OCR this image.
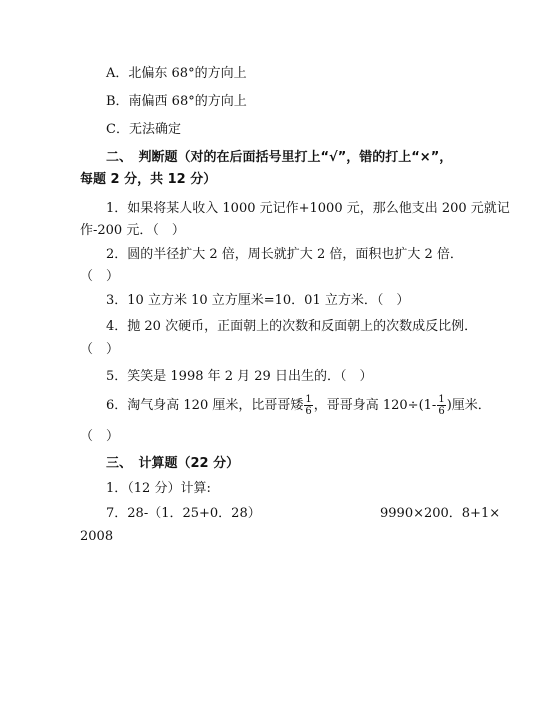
A．北偏东 68°的方向上
B．南偏西 68°的方向上
C．无法确定
二、　判断题（对的在后面括号里打上“√”，错的打上“×”，
每题 2 分，共 12 分）
1．如果将某人收入 1000 元记作+1000 元，那么他支出 200 元就记
作-200 元．（　）
2．圆的半径扩大 2 倍，周长就扩大 2 倍，面积也扩大 2 倍．
（　）
3．10 立方米 10 立方厘米=10．01 立方米．（　）
4．抛 20 次硬币，正面朝上的次数和反面朝上的次数成反比例．
（　）
5．笑笑是 1998 年 2 月 29 日出生的．（　）
6．淘气身高 120 厘米，比哥哥矮 $\frac{1}{6}$ ，哥哥身高 $120\div(1- \frac{1}{6}$ )厘米．
（　）
三、　计算题（22 分）
1．（12 分）计算:
7．28-（1．25+0．28）	9990×200．8+1×
2008
